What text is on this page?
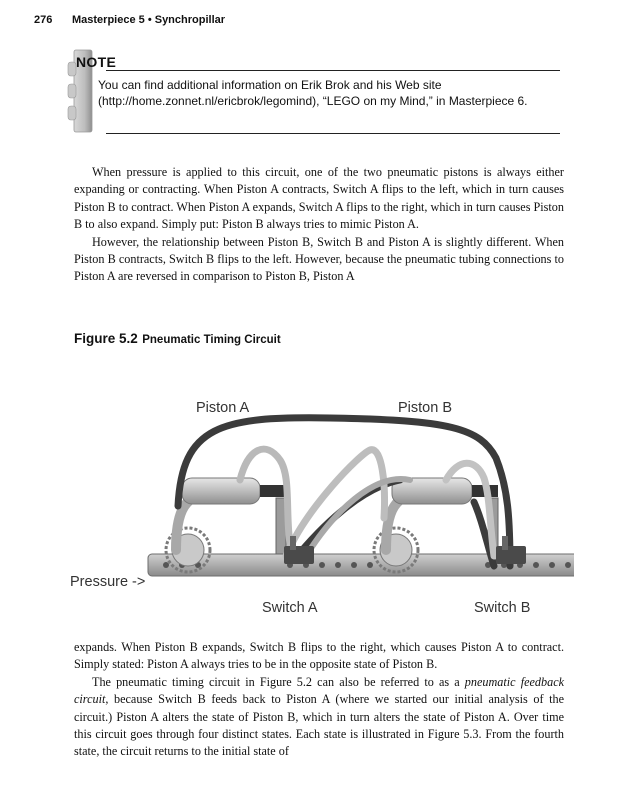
276 Masterpiece 5 • Synchropillar
NOTE
You can find additional information on Erik Brok and his Web site (http://home.zonnet.nl/ericbrok/legomind), “LEGO on my Mind,” in Masterpiece 6.

When pressure is applied to this circuit, one of the two pneumatic pistons is always either expanding or contracting. When Piston A contracts, Switch A flips to the left, which in turn causes Piston B to contract. When Piston A expands, Switch A flips to the right, which in turn causes Piston B to also expand. Simply put: Piston B always tries to mimic Piston A.

However, the relationship between Piston B, Switch B and Piston A is slightly different. When Piston B contracts, Switch B flips to the left. However, because the pneumatic tubing connections to Piston A are reversed in comparison to Piston B, Piston A

Figure 5.2 Pneumatic Timing Circuit
Piston A	Piston B
Pressure ->
Switch A	Switch B

expands. When Piston B expands, Switch B flips to the right, which causes Piston A to contract. Simply stated: Piston A always tries to be in the opposite state of Piston B.

The pneumatic timing circuit in Figure 5.2 can also be referred to as a pneumatic feedback circuit, because Switch B feeds back to Piston A (where we started our initial analysis of the circuit.) Piston A alters the state of Piston B, which in turn alters the state of Piston A. Over time this circuit goes through four distinct states. Each state is illustrated in Figure 5.3. From the fourth state, the circuit returns to the initial state of
